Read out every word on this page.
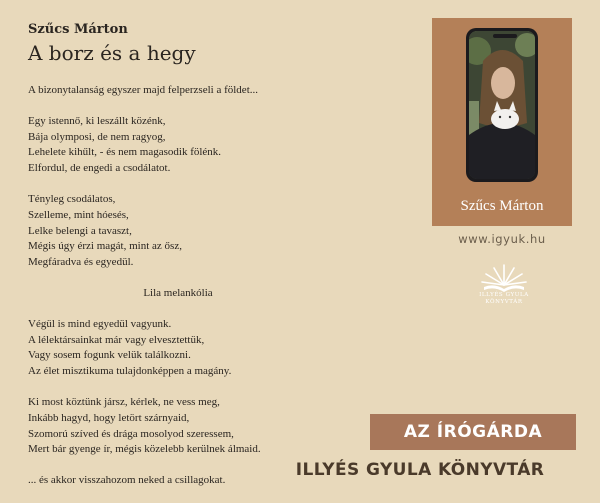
Szűcs Márton
A borz és a hegy
A bizonytalanság egyszer majd felperzseli a földet...
Egy istennő, ki leszállt közénk,
Bája olymposi, de nem ragyog,
Lehelete kihűlt, - és nem magasodik fölénk.
Elfordul, de engedi a csodálatot.
Tényleg csodálatos,
Szelleme, mint hóesés,
Lelke belengi a tavaszt,
Mégis úgy érzi magát, mint az ősz,
Megfáradva és egyedül.
Lila melankólia
Végül is mind egyedül vagyunk.
A lélektársainkat már vagy elvesztettük,
Vagy sosem fogunk velük találkozni.
Az élet misztikuma tulajdonképpen a magány.
Ki most köztünk jársz, kérlek, ne vess meg,
Inkább hagyd, hogy letört szárnyaid,
Szomorú szíved és drága mosolyod szeressem,
Mert bár gyenge ír, mégis közelebb kerülnek álmaid.
... és akkor visszahozom neked a csillagokat.
Szűcs Márton
www.igyuk.hu
ILLYÉS GYULA
KÖNYVTÁR
AZ ÍRÓGÁRDA
ILLYÉS GYULA KÖNYVTÁR
